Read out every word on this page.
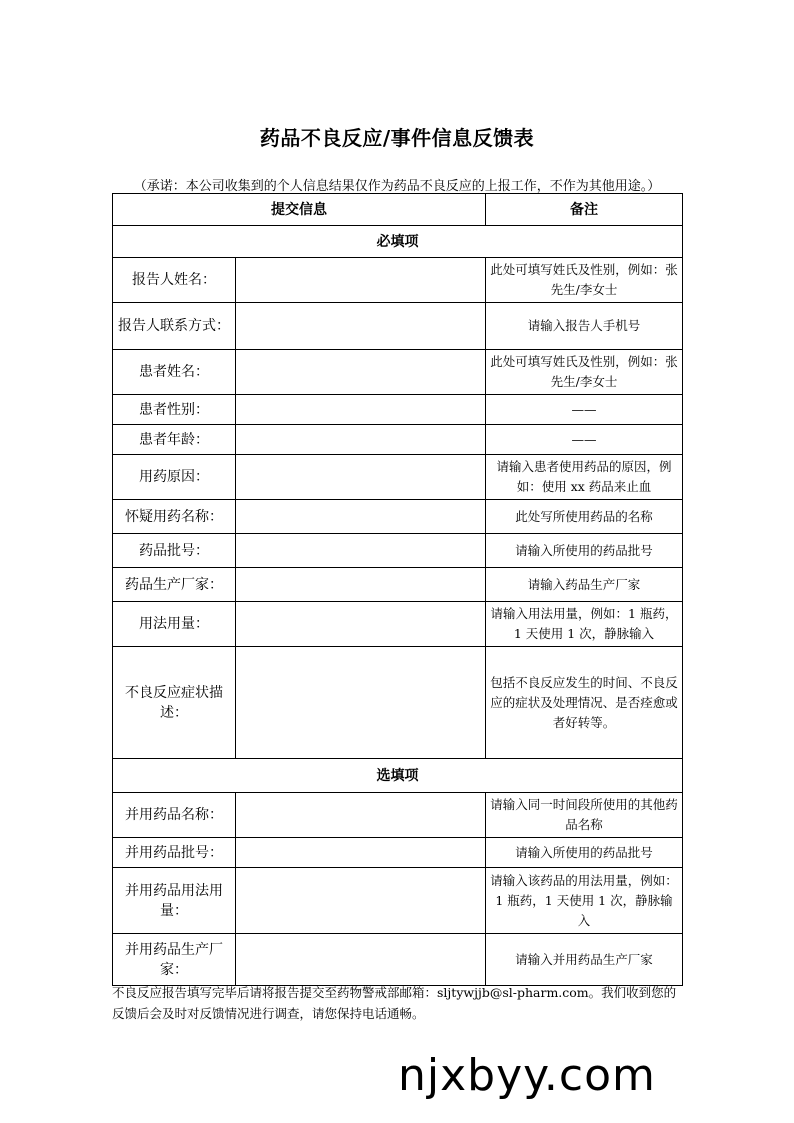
药品不良反应/事件信息反馈表
（承诺：本公司收集到的个人信息结果仅作为药品不良反应的上报工作，不作为其他用途。）
提交信息		备注
必填项		
报告人姓名：		此处可填写姓氏及性别，例如：张先生/李女士
报告人联系方式：		请输入报告人手机号
患者姓名：		此处可填写姓氏及性别，例如：张先生/李女士
患者性别：		——
患者年龄：		——
用药原因：		请输入患者使用药品的原因，例如：使用 xx 药品来止血
怀疑用药名称：		此处写所使用药品的名称
药品批号：		请输入所使用的药品批号
药品生产厂家：		请输入药品生产厂家
用法用量：		请输入用法用量，例如：1 瓶药，1 天使用 1 次，静脉输入
不良反应症状描述：		包括不良反应发生的时间、不良反应的症状及处理情况、是否痊愈或者好转等。
选填项		
并用药品名称：		请输入同一时间段所使用的其他药品名称
并用药品批号：		请输入所使用的药品批号
并用药品用法用量：		请输入该药品的用法用量，例如：1 瓶药，1 天使用 1 次，静脉输入
并用药品生产厂家：		请输入并用药品生产厂家
不良反应报告填写完毕后请将报告提交至药物警戒部邮箱：sljtywjjb@sl-pharm.com。我们收到您的反馈后会及时对反馈情况进行调查，请您保持电话通畅。
njxbyy.com
